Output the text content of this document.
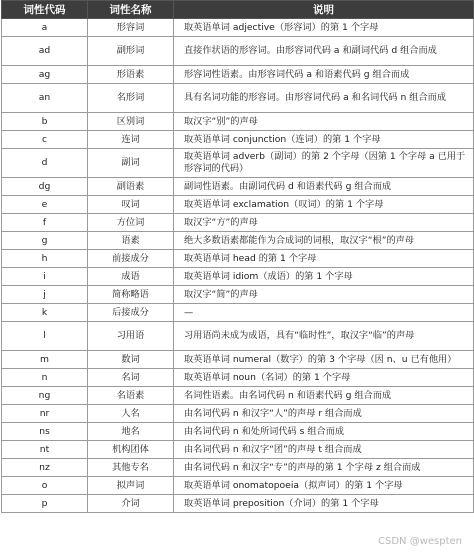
词性代码	词性名称	说明
a	形容词	取英语单词 adjective（形容词）的第 1 个字母
ad	副形词	直接作状语的形容词。由形容词代码 a 和副词代码 d 组合而成
ag	形语素	形容词性语素。由形容词代码 a 和语素代码 g 组合而成
an	名形词	具有名词功能的形容词。由形容词代码 a 和名词代码 n 组合而成
b	区别词	取汉字“别”的声母
c	连词	取英语单词 conjunction（连词）的第 1 个字母
d	副词	取英语单词 adverb（副词）的第 2 个字母（因第 1 个字母 a 已用于形容词的代码）
dg	副语素	副词性语素。由副词代码 d 和语素代码 g 组合而成
e	叹词	取英语单词 exclamation（叹词）的第 1 个字母
f	方位词	取汉字“方”的声母
g	语素	绝大多数语素都能作为合成词的词根，取汉字“根”的声母
h	前接成分	取英语单词 head 的第 1 个字母
i	成语	取英语单词 idiom（成语）的第 1 个字母
j	简称略语	取汉字“简”的声母
k	后接成分	—
l	习用语	习用语尚未成为成语，具有“临时性”，取汉字“临”的声母
m	数词	取英语单词 numeral（数字）的第 3 个字母（因 n、u 已有他用）
n	名词	取英语单词 noun（名词）的第 1 个字母
ng	名语素	名词性语素。由名词代码 n 和语素代码 g 组合而成
nr	人名	由名词代码 n 和汉字“人”的声母 r 组合而成
ns	地名	由名词代码 n 和处所词代码 s 组合而成
nt	机构团体	由名词代码 n 和汉字“团”的声母 t 组合而成
nz	其他专名	由名词代码 n 和汉字“专”的声母的第 1 个字母 z 组合而成
o	拟声词	取英语单词 onomatopoeia（拟声词）的第 1 个字母
p	介词	取英语单词 preposition（介词）的第 1 个字母
CSDN @wespten
